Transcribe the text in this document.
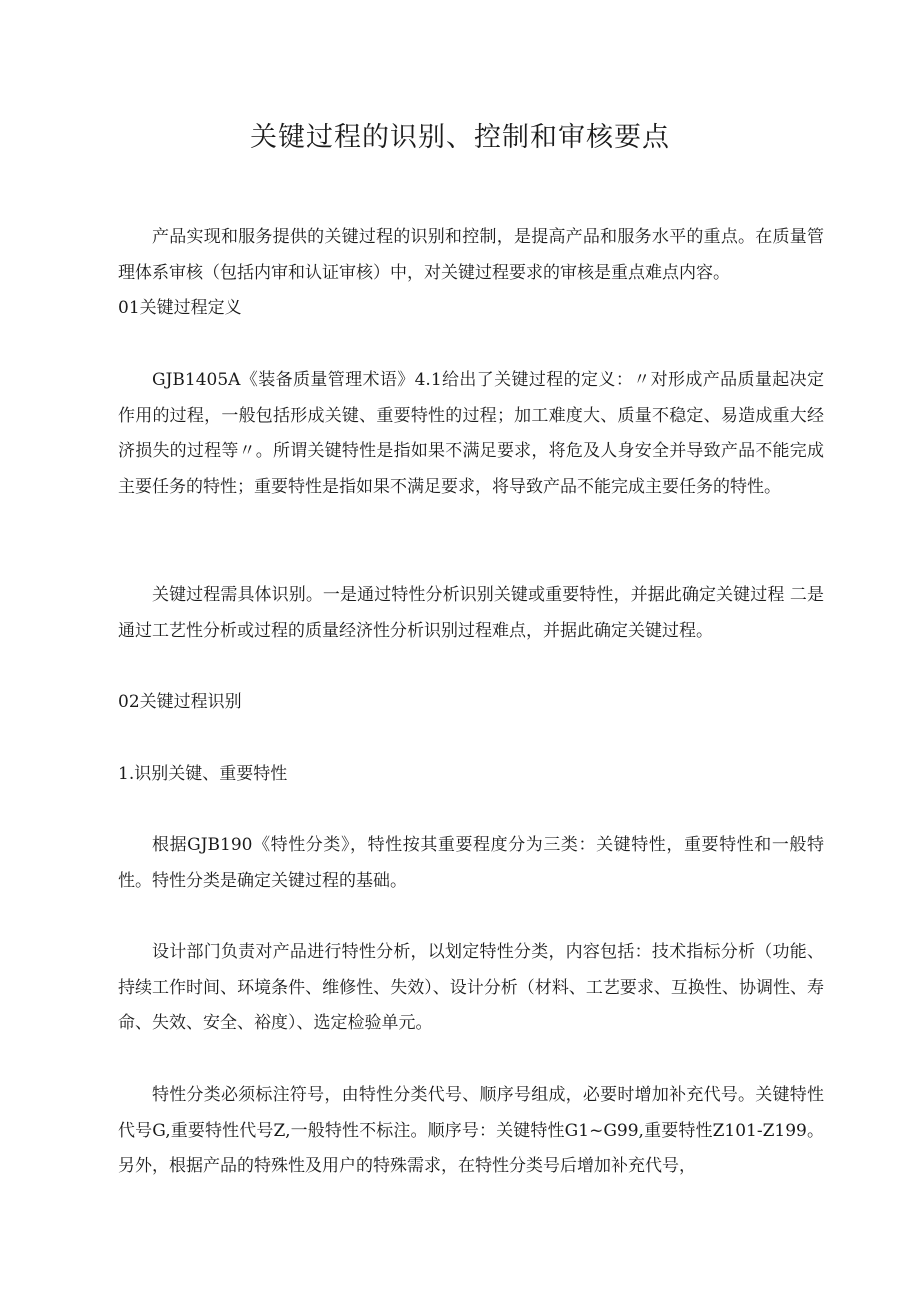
关键过程的识别、控制和审核要点

产品实现和服务提供的关键过程的识别和控制，是提高产品和服务水平的重点。在质量管理体系审核（包括内审和认证审核）中，对关键过程要求的审核是重点难点内容。

01关键过程定义

GJB1405A《装备质量管理术语》4.1给出了关键过程的定义：〃对形成产品质量起决定作用的过程，一般包括形成关键、重要特性的过程；加工难度大、质量不稳定、易造成重大经济损失的过程等〃。所谓关键特性是指如果不满足要求，将危及人身安全并导致产品不能完成主要任务的特性；重要特性是指如果不满足要求，将导致产品不能完成主要任务的特性。

关键过程需具体识别。一是通过特性分析识别关键或重要特性，并据此确定关键过程 二是通过工艺性分析或过程的质量经济性分析识别过程难点，并据此确定关键过程。

02关键过程识别

1.识别关键、重要特性

根据GJB190《特性分类》，特性按其重要程度分为三类：关键特性，重要特性和一般特性。特性分类是确定关键过程的基础。

设计部门负责对产品进行特性分析，以划定特性分类，内容包括：技术指标分析（功能、持续工作时间、环境条件、维修性、失效）、设计分析（材料、工艺要求、互换性、协调性、寿命、失效、安全、裕度）、选定检验单元。

特性分类必须标注符号，由特性分类代号、顺序号组成，必要时增加补充代号。关键特性代号G,重要特性代号Z,一般特性不标注。顺序号：关键特性G1~G99,重要特性Z101-Z199。另外，根据产品的特殊性及用户的特殊需求，在特性分类号后增加补充代号，
